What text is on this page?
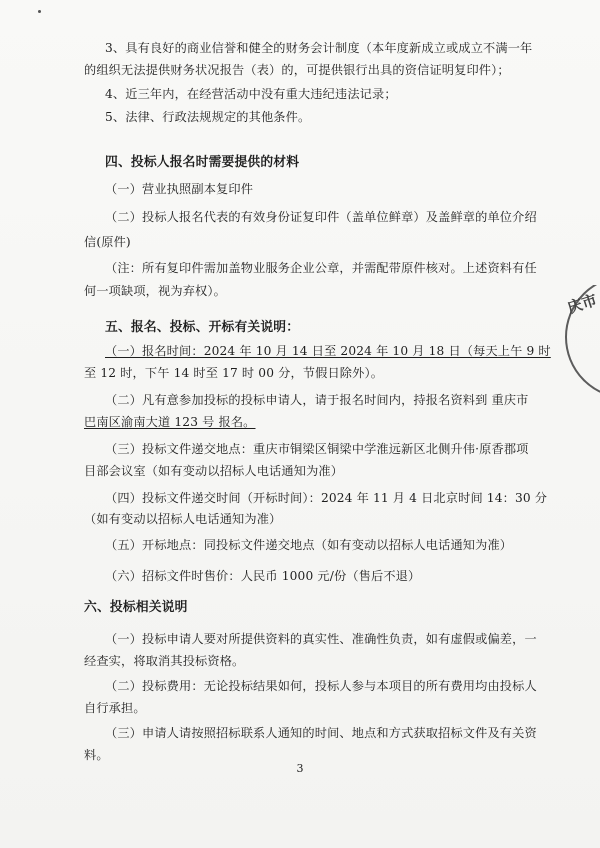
3、具有良好的商业信誉和健全的财务会计制度（本年度新成立或成立不满一年
的组织无法提供财务状况报告（表）的，可提供银行出具的资信证明复印件）；
4、近三年内，在经营活动中没有重大违纪违法记录；
5、法律、行政法规规定的其他条件。
四、投标人报名时需要提供的材料
（一）营业执照副本复印件
（二）投标人报名代表的有效身份证复印件（盖单位鲜章）及盖鲜章的单位介绍
信(原件)
（注：所有复印件需加盖物业服务企业公章，并需配带原件核对。上述资料有任
何一项缺项，视为弃权）。
五、报名、投标、开标有关说明：
（一）报名时间：2024 年 10 月 14 日至 2024 年 10 月 18 日（每天上午 9 时
至 12 时，下午 14 时至 17 时 00 分，节假日除外）。
（二）凡有意参加投标的投标申请人，请于报名时间内，持报名资料到 重庆市
巴南区渝南大道 123 号 报名。
（三）投标文件递交地点：重庆市铜梁区铜梁中学淮远新区北侧升伟·原香郡项
目部会议室（如有变动以招标人电话通知为准）
（四）投标文件递交时间（开标时间）：2024 年 11 月 4 日北京时间 14：30 分
（如有变动以招标人电话通知为准）
（五）开标地点：同投标文件递交地点（如有变动以招标人电话通知为准）
（六）招标文件时售价：人民币 1000 元/份（售后不退）
六、投标相关说明
（一）投标申请人要对所提供资料的真实性、准确性负责，如有虚假或偏差，一
经查实，将取消其投标资格。
（二）投标费用：无论投标结果如何，投标人参与本项目的所有费用均由投标人
自行承担。
（三）申请人请按照招标联系人通知的时间、地点和方式获取招标文件及有关资
料。
3
庆市
